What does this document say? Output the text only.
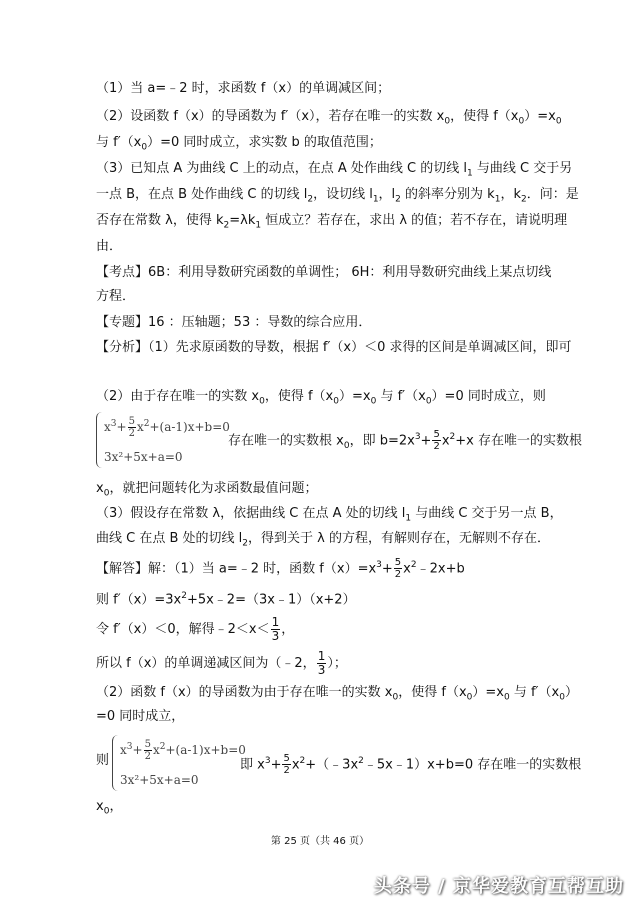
（1）当 a=﹣2 时，求函数 f（x）的单调减区间；
（2）设函数 f（x）的导函数为 f′（x），若存在唯一的实数 $x_0$，使得 $f(x_0)=x_0$
与 $f'(x_0)=0$ 同时成立，求实数 b 的取值范围；
（3）已知点 A 为曲线 C 上的动点，在点 A 处作曲线 C 的切线 $l_1$ 与曲线 C 交于另
一点 B，在点 B 处作曲线 C 的切线 $l_2$，设切线 $l_1$，$l_2$ 的斜率分别为 $k_1$，$k_2$．问：是
否存在常数 λ，使得 $k_2=\lambda k_1$ 恒成立？若存在，求出 λ 的值；若不存在，请说明理
由．
【考点】6B：利用导数研究函数的单调性； 6H：利用导数研究曲线上某点切线
方程．
【专题】16 ：压轴题；53 ：导数的综合应用．
【分析】（1）先求原函数的导数，根据 f′（x）＜0 求得的区间是单调减区间，即可
（2）由于存在唯一的实数 $x_0$，使得 $f(x_0)=x_0$ 与 $f'(x_0)=0$ 同时成立，则
$x^3+ \frac{5}{2} x^2+(a-1)x+b=0$
3x²+5x+a=0
存在唯一的实数根 $x_0$，即 $b=2x^3+ \frac{5}{2} x^2+x$ 存在唯一的实数根
$x_0$，就把问题转化为求函数最值问题；
（3）假设存在常数 λ，依据曲线 C 在点 A 处的切线 $l_1$ 与曲线 C 交于另一点 B，
曲线 C 在点 B 处的切线 $l_2$，得到关于 λ 的方程，有解则存在，无解则不存在．
【解答】解：（1）当 a=﹣2 时，函数 $f(x)=x^3+ \frac{5}{2}$ $x^2﹣2x+b$
则 $f'(x)=3x^2+5x﹣2=(3x﹣1)(x+2)$
令 f′（x）＜0，解得﹣2＜x＜ $\frac{1}{3}$ ，
所以 f（x）的单调递减区间为（﹣2， $\frac{1}{3}$ ）；
（2）函数 f（x）的导函数为由于存在唯一的实数 $x_0$，使得 $f(x_0)=x_0$ 与 $f'(x_0)$
=0 同时成立，
则
$x^3+ \frac{5}{2} x^2+(a-1)x+b=0$
3x²+5x+a=0
即 $x^3+ \frac{5}{2}$ $x^2+(﹣3x^2﹣5x﹣1)x+b=0$ 存在唯一的实数根
$x_0$，
第 25 页（共 46 页）
头条号 / 京华爱教育互帮互助
